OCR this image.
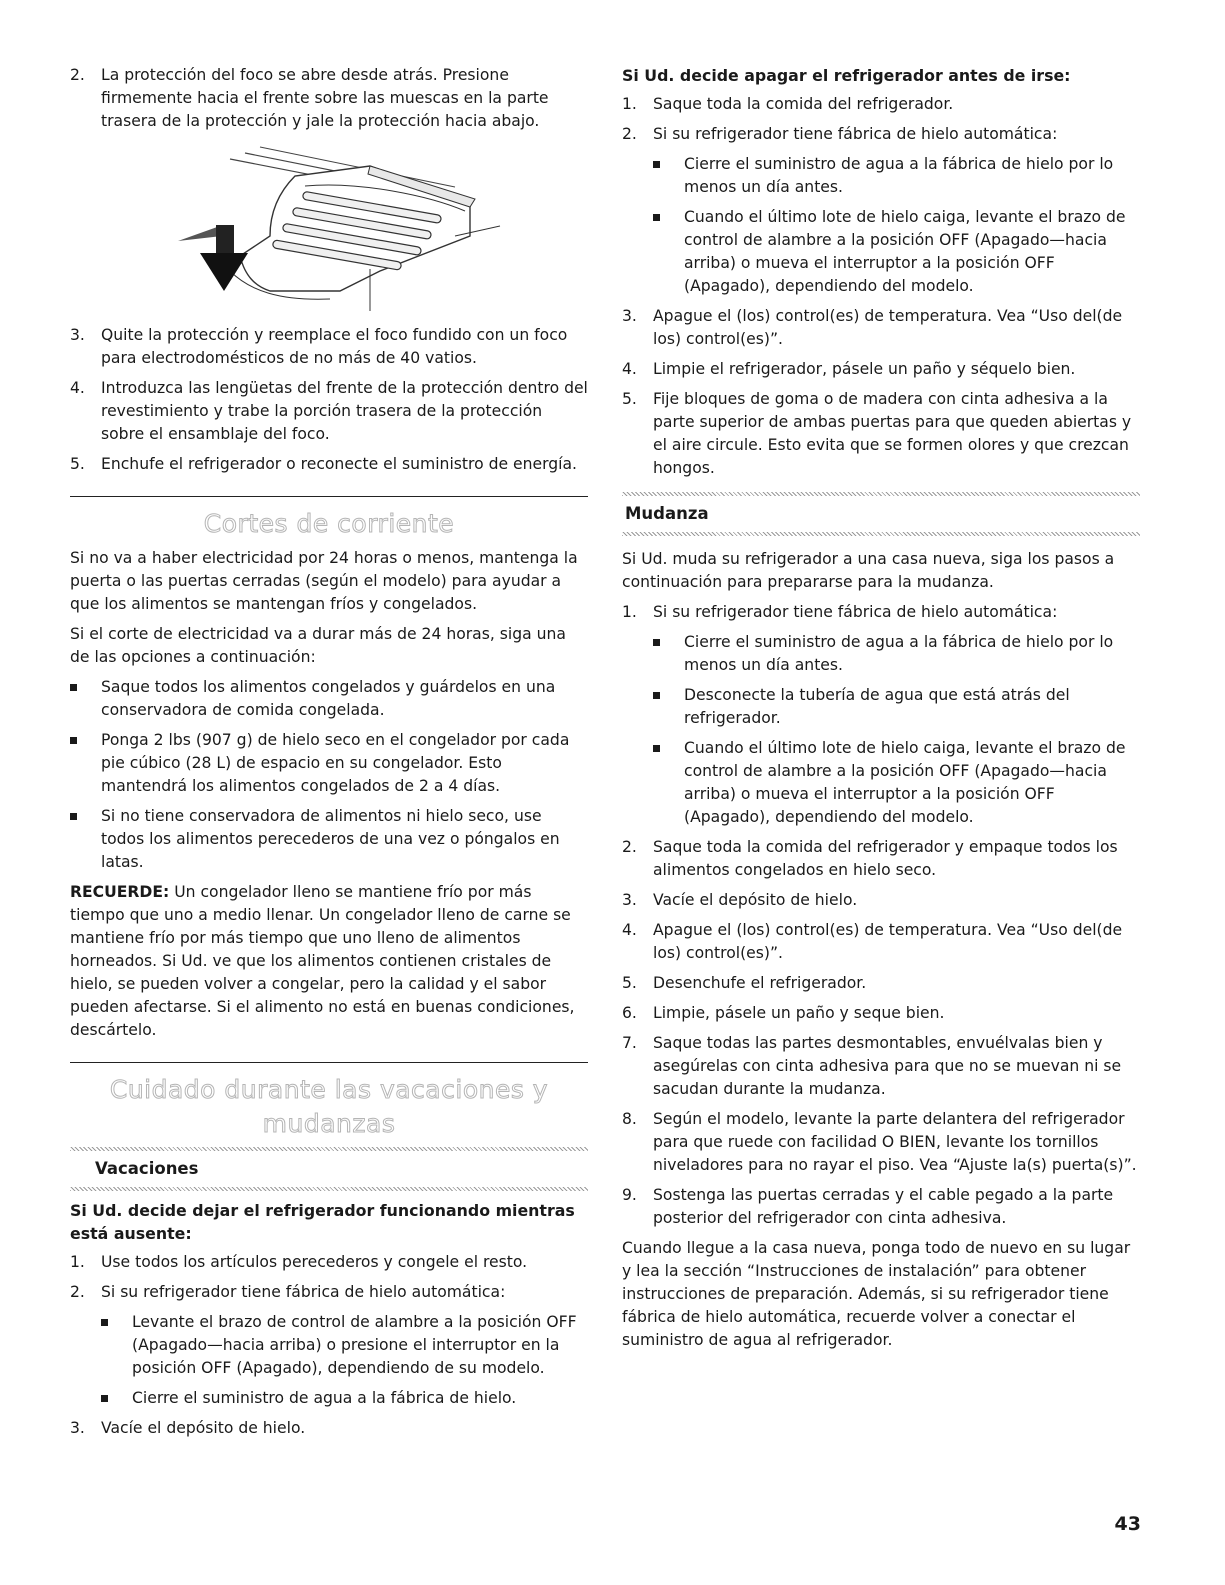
2.	La protección del foco se abre desde atrás. Presione firmemente hacia el frente sobre las muescas en la parte trasera de la protección y jale la protección hacia abajo.
3.	Quite la protección y reemplace el foco fundido con un foco para electrodomésticos de no más de 40 vatios.
4.	Introduzca las lengüetas del frente de la protección dentro del revestimiento y trabe la porción trasera de la protección sobre el ensamblaje del foco.
5.	Enchufe el refrigerador o reconecte el suministro de energía.
Cortes de corriente

Si no va a haber electricidad por 24 horas o menos, mantenga la puerta o las puertas cerradas (según el modelo) para ayudar a que los alimentos se mantengan fríos y congelados.

Si el corte de electricidad va a durar más de 24 horas, siga una de las opciones a continuación:

Saque todos los alimentos congelados y guárdelos en una conservadora de comida congelada.
Ponga 2 lbs (907 g) de hielo seco en el congelador por cada pie cúbico (28 L) de espacio en su congelador. Esto mantendrá los alimentos congelados de 2 a 4 días.
Si no tiene conservadora de alimentos ni hielo seco, use todos los alimentos perecederos de una vez o póngalos en latas.

RECUERDE: Un congelador lleno se mantiene frío por más tiempo que uno a medio llenar. Un congelador lleno de carne se mantiene frío por más tiempo que uno lleno de alimentos horneados. Si Ud. ve que los alimentos contienen cristales de hielo, se pueden volver a congelar, pero la calidad y el sabor pueden afectarse. Si el alimento no está en buenas condiciones, descártelo.

Cuidado durante las vacaciones y
mudanzas
Vacaciones
Si Ud. decide dejar el refrigerador funcionando mientras está ausente:
1.	Use todos los artículos perecederos y congele el resto.
2.	Si su refrigerador tiene fábrica de hielo automática:
Levante el brazo de control de alambre a la posición OFF (Apagado—hacia arriba) o presione el interruptor en la posición OFF (Apagado), dependiendo de su modelo.
Cierre el suministro de agua a la fábrica de hielo.
3.	Vacíe el depósito de hielo.
Si Ud. decide apagar el refrigerador antes de irse:
1.	Saque toda la comida del refrigerador.
2.	Si su refrigerador tiene fábrica de hielo automática:
Cierre el suministro de agua a la fábrica de hielo por lo menos un día antes.
Cuando el último lote de hielo caiga, levante el brazo de control de alambre a la posición OFF (Apagado—hacia arriba) o mueva el interruptor a la posición OFF (Apagado), dependiendo del modelo.
3.	Apague el (los) control(es) de temperatura. Vea “Uso del(de los) control(es)”.
4.	Limpie el refrigerador, pásele un paño y séquelo bien.
5.	Fije bloques de goma o de madera con cinta adhesiva a la parte superior de ambas puertas para que queden abiertas y el aire circule. Esto evita que se formen olores y que crezcan hongos.
Mudanza

Si Ud. muda su refrigerador a una casa nueva, siga los pasos a continuación para prepararse para la mudanza.

1.	Si su refrigerador tiene fábrica de hielo automática:
Cierre el suministro de agua a la fábrica de hielo por lo menos un día antes.
Desconecte la tubería de agua que está atrás del refrigerador.
Cuando el último lote de hielo caiga, levante el brazo de control de alambre a la posición OFF (Apagado—hacia arriba) o mueva el interruptor a la posición OFF (Apagado), dependiendo del modelo.
2.	Saque toda la comida del refrigerador y empaque todos los alimentos congelados en hielo seco.
3.	Vacíe el depósito de hielo.
4.	Apague el (los) control(es) de temperatura. Vea “Uso del(de los) control(es)”.
5.	Desenchufe el refrigerador.
6.	Limpie, pásele un paño y seque bien.
7.	Saque todas las partes desmontables, envuélvalas bien y asegúrelas con cinta adhesiva para que no se muevan ni se sacudan durante la mudanza.
8.	Según el modelo, levante la parte delantera del refrigerador para que ruede con facilidad O BIEN, levante los tornillos niveladores para no rayar el piso. Vea “Ajuste la(s) puerta(s)”.
9.	Sostenga las puertas cerradas y el cable pegado a la parte posterior del refrigerador con cinta adhesiva.

Cuando llegue a la casa nueva, ponga todo de nuevo en su lugar y lea la sección “Instrucciones de instalación” para obtener instrucciones de preparación. Además, si su refrigerador tiene fábrica de hielo automática, recuerde volver a conectar el suministro de agua al refrigerador.

43
